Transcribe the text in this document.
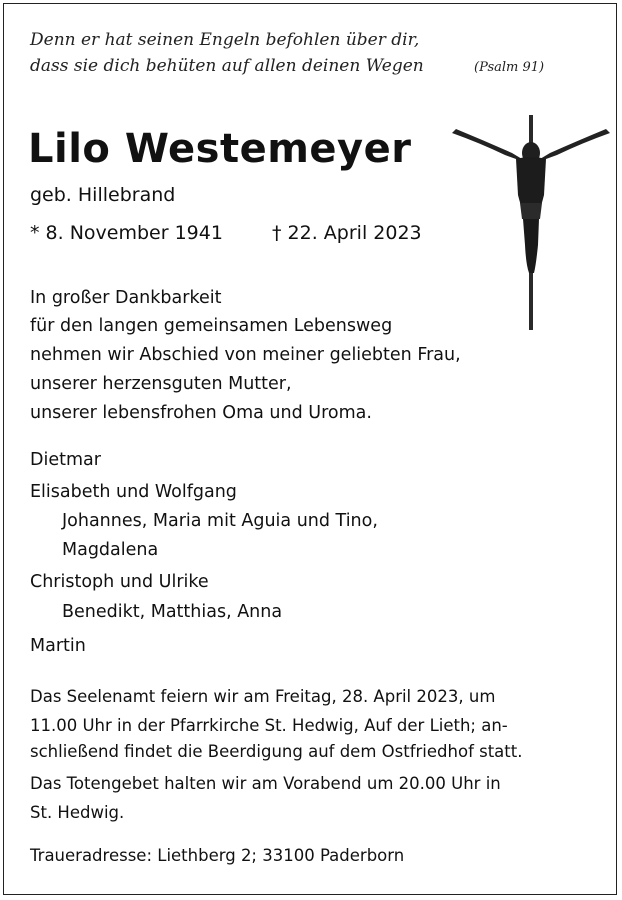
Denn er hat seinen Engeln befohlen über dir,
dass sie dich behüten auf allen deinen Wegen	(Psalm 91)
Lilo Westemeyer
geb. Hillebrand
* 8. November 1941	† 22. April 2023
In großer Dankbarkeit
für den langen gemeinsamen Lebensweg
nehmen wir Abschied von meiner geliebten Frau,
unserer herzensguten Mutter,
unserer lebensfrohen Oma und Uroma.
Dietmar
Elisabeth und Wolfgang
Johannes, Maria mit Aguia und Tino,
Magdalena
Christoph und Ulrike
Benedikt, Matthias, Anna
Martin
Das Seelenamt feiern wir am Freitag, 28. April 2023, um
11.00 Uhr in der Pfarrkirche St. Hedwig, Auf der Lieth; an-
schließend findet die Beerdigung auf dem Ostfriedhof statt.
Das Totengebet halten wir am Vorabend um 20.00 Uhr in
St. Hedwig.
Traueradresse: Liethberg 2; 33100 Paderborn
